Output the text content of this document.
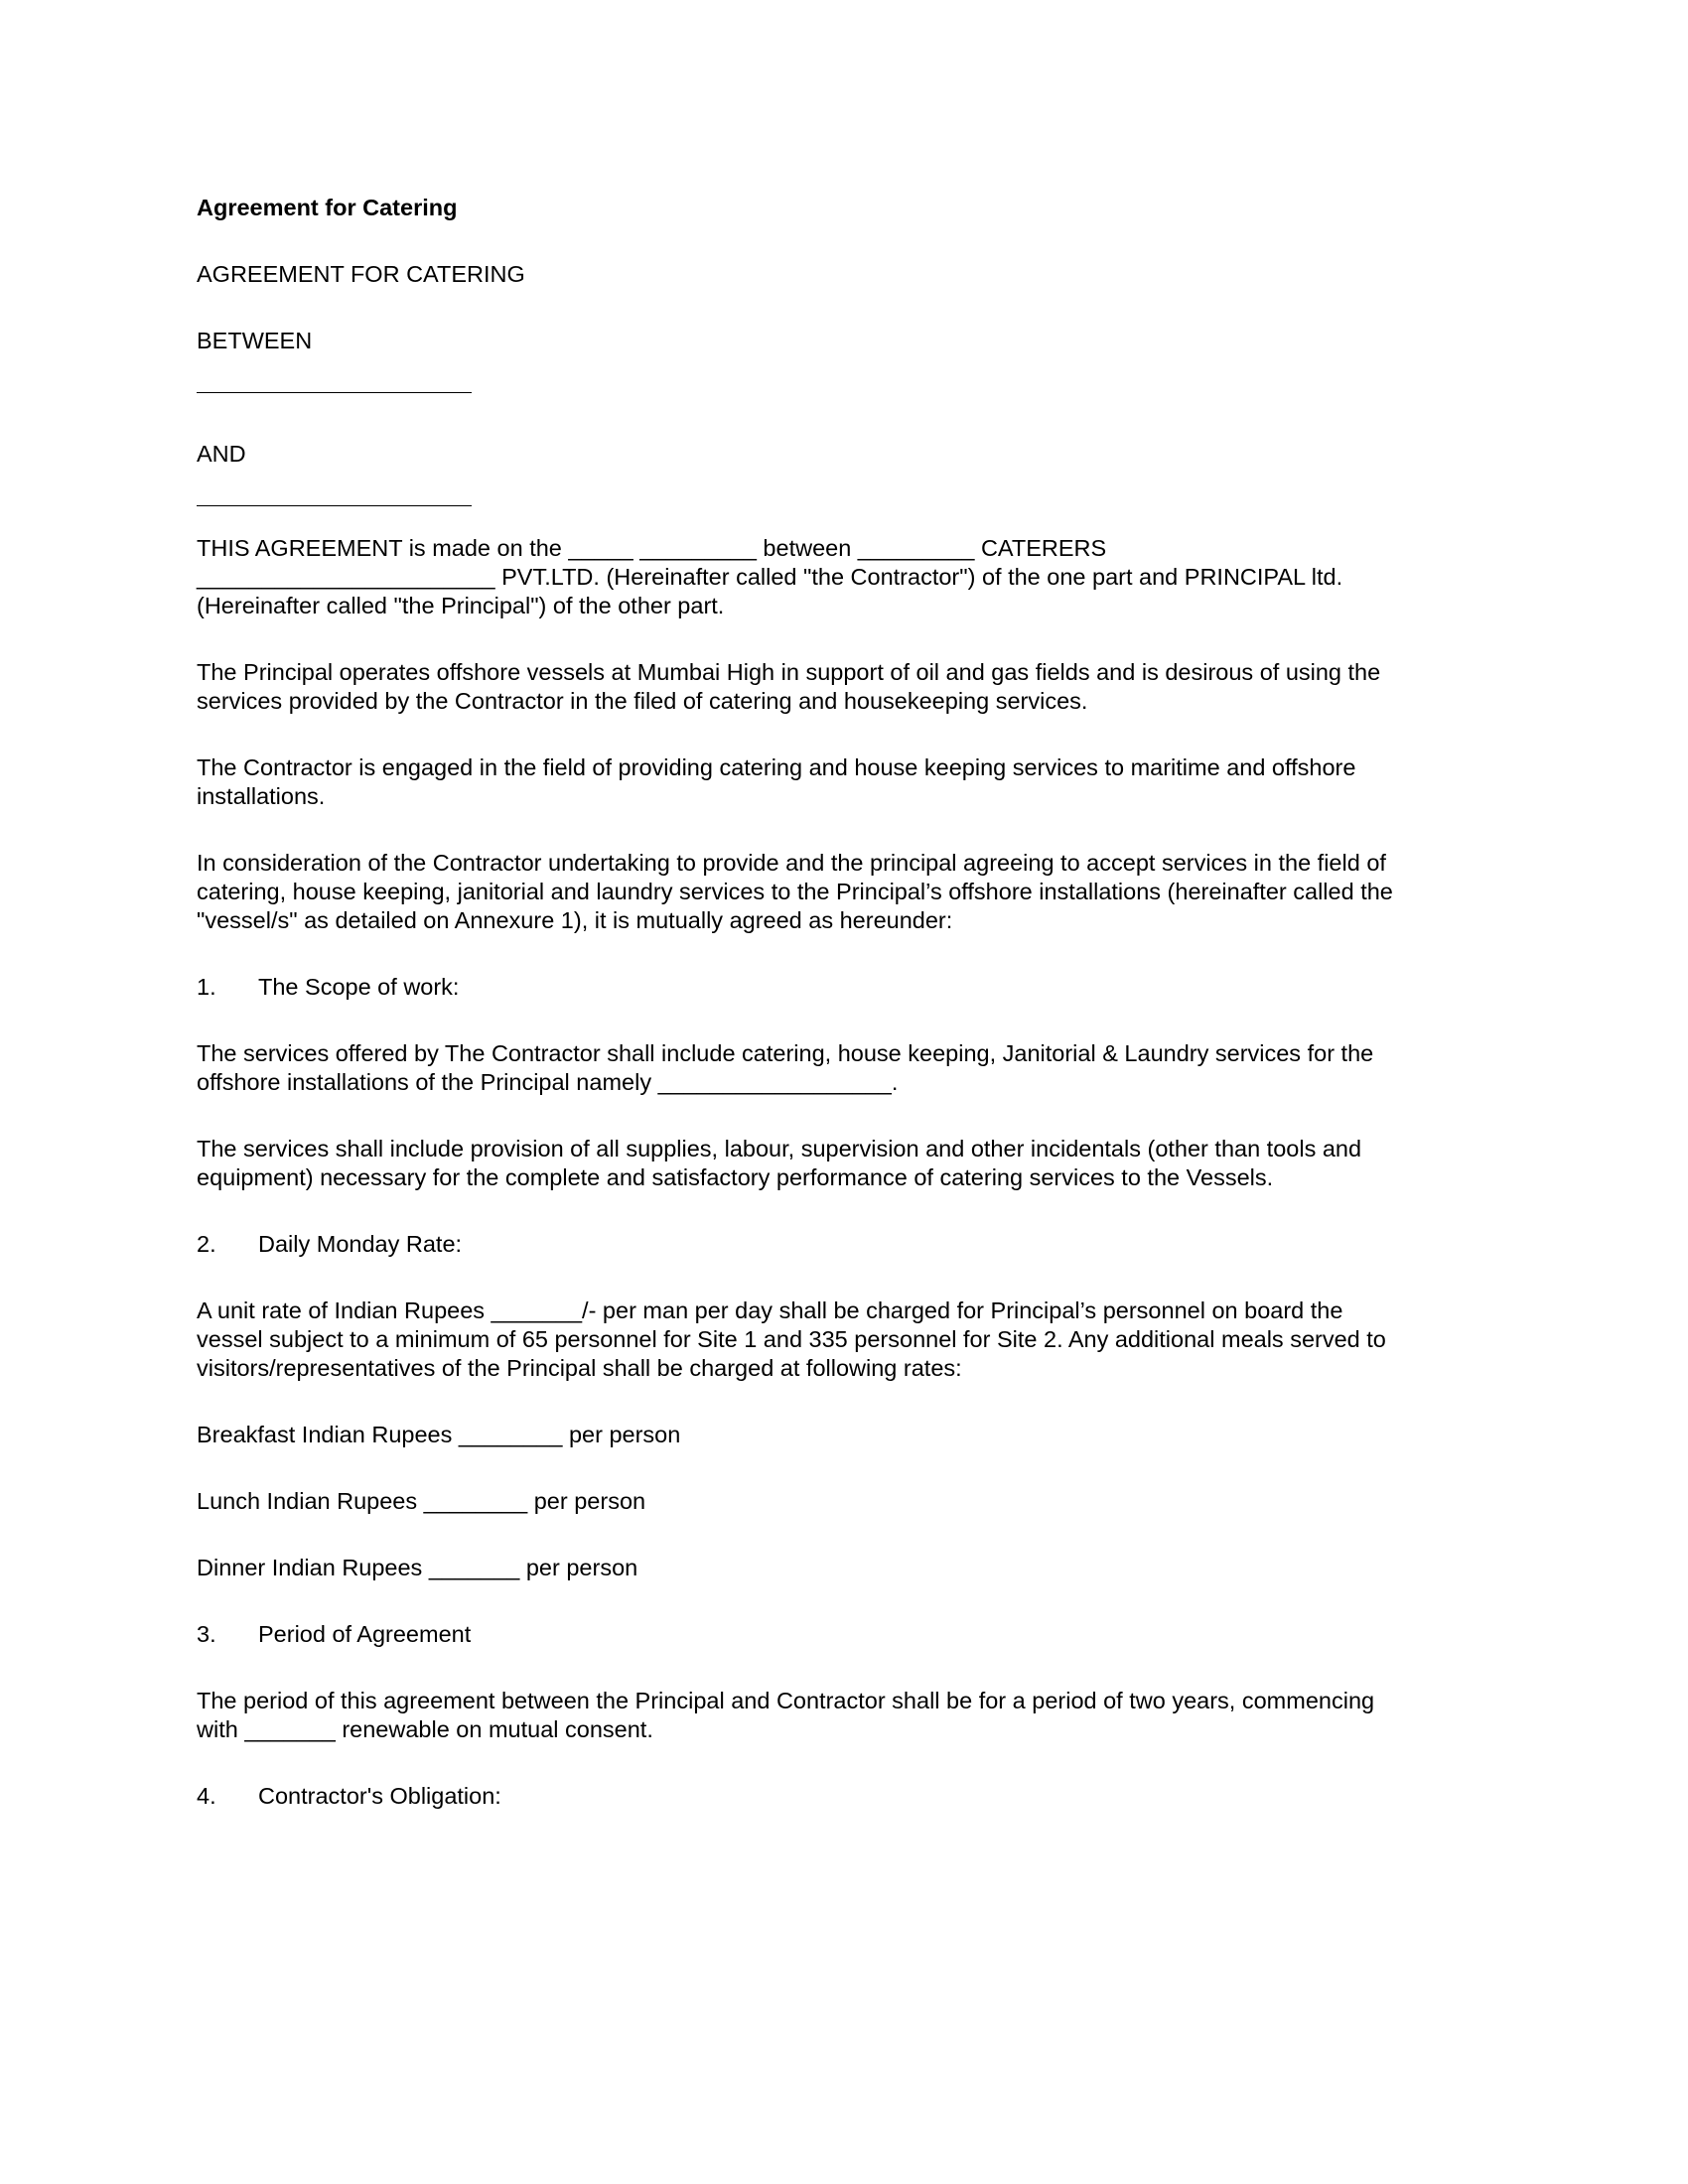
Agreement for Catering
AGREEMENT FOR CATERING
BETWEEN
AND
THIS AGREEMENT is made on the _____ _________ between _________ CATERERS
_______________________ PVT.LTD. (Hereinafter called "the Contractor") of the one part and PRINCIPAL ltd.
(Hereinafter called "the Principal") of the other part.
The Principal operates offshore vessels at Mumbai High in support of oil and gas fields and is desirous of using the
services provided by the Contractor in the filed of catering and housekeeping services.
The Contractor is engaged in the field of providing catering and house keeping services to maritime and offshore
installations.
In consideration of the Contractor undertaking to provide and the principal agreeing to accept services in the field of
catering, house keeping, janitorial and laundry services to the Principal’s offshore installations (hereinafter called the
"vessel/s" as detailed on Annexure 1), it is mutually agreed as hereunder:
1.	The Scope of work:
The services offered by The Contractor shall include catering, house keeping, Janitorial & Laundry services for the
offshore installations of the Principal namely __________________.
The services shall include provision of all supplies, labour, supervision and other incidentals (other than tools and
equipment) necessary for the complete and satisfactory performance of catering services to the Vessels.
2.	Daily Monday Rate:
A unit rate of Indian Rupees _______/- per man per day shall be charged for Principal’s personnel on board the
vessel subject to a minimum of 65 personnel for Site 1 and 335 personnel for Site 2. Any additional meals served to
visitors/representatives of the Principal shall be charged at following rates:
Breakfast Indian Rupees ________ per person
Lunch Indian Rupees ________ per person
Dinner Indian Rupees _______ per person
3.	Period of Agreement
The period of this agreement between the Principal and Contractor shall be for a period of two years, commencing
with _______ renewable on mutual consent.
4.	Contractor's Obligation:
